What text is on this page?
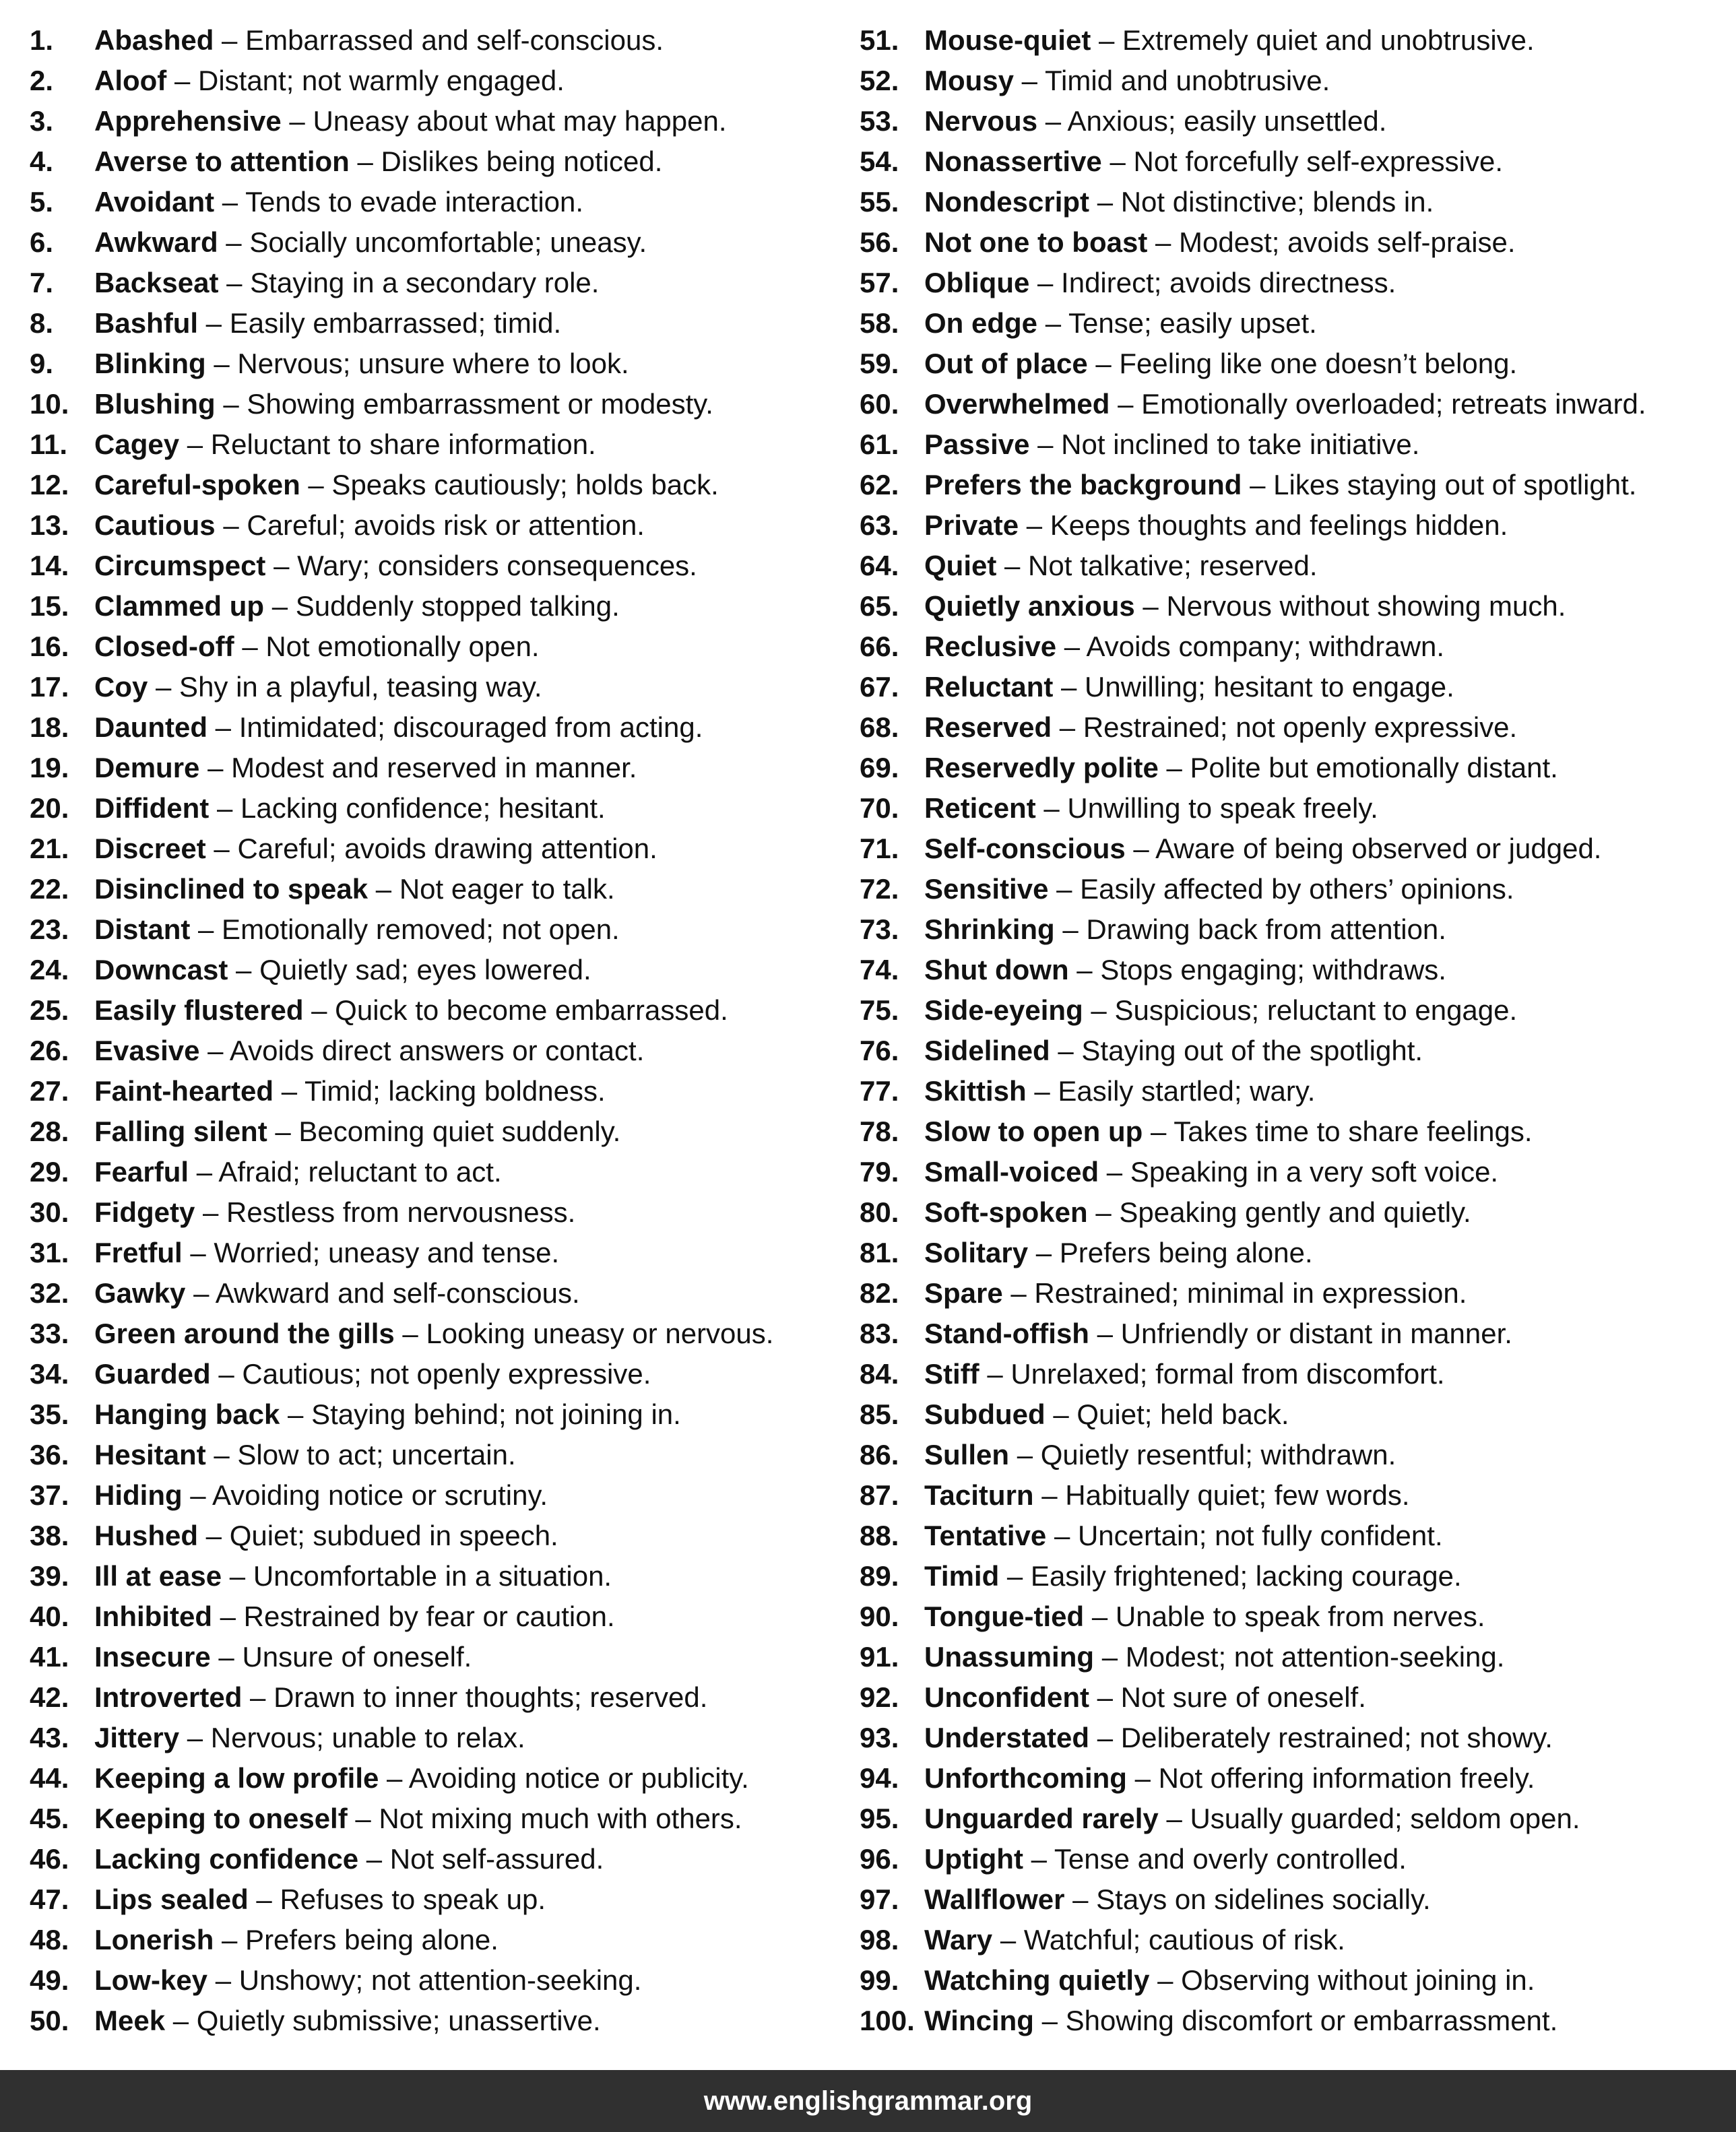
1. Abashed – Embarrassed and self-conscious.
2. Aloof – Distant; not warmly engaged.
3. Apprehensive – Uneasy about what may happen.
4. Averse to attention – Dislikes being noticed.
5. Avoidant – Tends to evade interaction.
6. Awkward – Socially uncomfortable; uneasy.
7. Backseat – Staying in a secondary role.
8. Bashful – Easily embarrassed; timid.
9. Blinking – Nervous; unsure where to look.
10. Blushing – Showing embarrassment or modesty.
11. Cagey – Reluctant to share information.
12. Careful-spoken – Speaks cautiously; holds back.
13. Cautious – Careful; avoids risk or attention.
14. Circumspect – Wary; considers consequences.
15. Clammed up – Suddenly stopped talking.
16. Closed-off – Not emotionally open.
17. Coy – Shy in a playful, teasing way.
18. Daunted – Intimidated; discouraged from acting.
19. Demure – Modest and reserved in manner.
20. Diffident – Lacking confidence; hesitant.
21. Discreet – Careful; avoids drawing attention.
22. Disinclined to speak – Not eager to talk.
23. Distant – Emotionally removed; not open.
24. Downcast – Quietly sad; eyes lowered.
25. Easily flustered – Quick to become embarrassed.
26. Evasive – Avoids direct answers or contact.
27. Faint-hearted – Timid; lacking boldness.
28. Falling silent – Becoming quiet suddenly.
29. Fearful – Afraid; reluctant to act.
30. Fidgety – Restless from nervousness.
31. Fretful – Worried; uneasy and tense.
32. Gawky – Awkward and self-conscious.
33. Green around the gills – Looking uneasy or nervous.
34. Guarded – Cautious; not openly expressive.
35. Hanging back – Staying behind; not joining in.
36. Hesitant – Slow to act; uncertain.
37. Hiding – Avoiding notice or scrutiny.
38. Hushed – Quiet; subdued in speech.
39. Ill at ease – Uncomfortable in a situation.
40. Inhibited – Restrained by fear or caution.
41. Insecure – Unsure of oneself.
42. Introverted – Drawn to inner thoughts; reserved.
43. Jittery – Nervous; unable to relax.
44. Keeping a low profile – Avoiding notice or publicity.
45. Keeping to oneself – Not mixing much with others.
46. Lacking confidence – Not self-assured.
47. Lips sealed – Refuses to speak up.
48. Lonerish – Prefers being alone.
49. Low-key – Unshowy; not attention-seeking.
50. Meek – Quietly submissive; unassertive.
51. Mouse-quiet – Extremely quiet and unobtrusive.
52. Mousy – Timid and unobtrusive.
53. Nervous – Anxious; easily unsettled.
54. Nonassertive – Not forcefully self-expressive.
55. Nondescript – Not distinctive; blends in.
56. Not one to boast – Modest; avoids self-praise.
57. Oblique – Indirect; avoids directness.
58. On edge – Tense; easily upset.
59. Out of place – Feeling like one doesn’t belong.
60. Overwhelmed – Emotionally overloaded; retreats inward.
61. Passive – Not inclined to take initiative.
62. Prefers the background – Likes staying out of spotlight.
63. Private – Keeps thoughts and feelings hidden.
64. Quiet – Not talkative; reserved.
65. Quietly anxious – Nervous without showing much.
66. Reclusive – Avoids company; withdrawn.
67. Reluctant – Unwilling; hesitant to engage.
68. Reserved – Restrained; not openly expressive.
69. Reservedly polite – Polite but emotionally distant.
70. Reticent – Unwilling to speak freely.
71. Self-conscious – Aware of being observed or judged.
72. Sensitive – Easily affected by others’ opinions.
73. Shrinking – Drawing back from attention.
74. Shut down – Stops engaging; withdraws.
75. Side-eyeing – Suspicious; reluctant to engage.
76. Sidelined – Staying out of the spotlight.
77. Skittish – Easily startled; wary.
78. Slow to open up – Takes time to share feelings.
79. Small-voiced – Speaking in a very soft voice.
80. Soft-spoken – Speaking gently and quietly.
81. Solitary – Prefers being alone.
82. Spare – Restrained; minimal in expression.
83. Stand-offish – Unfriendly or distant in manner.
84. Stiff – Unrelaxed; formal from discomfort.
85. Subdued – Quiet; held back.
86. Sullen – Quietly resentful; withdrawn.
87. Taciturn – Habitually quiet; few words.
88. Tentative – Uncertain; not fully confident.
89. Timid – Easily frightened; lacking courage.
90. Tongue-tied – Unable to speak from nerves.
91. Unassuming – Modest; not attention-seeking.
92. Unconfident – Not sure of oneself.
93. Understated – Deliberately restrained; not showy.
94. Unforthcoming – Not offering information freely.
95. Unguarded rarely – Usually guarded; seldom open.
96. Uptight – Tense and overly controlled.
97. Wallflower – Stays on sidelines socially.
98. Wary – Watchful; cautious of risk.
99. Watching quietly – Observing without joining in.
100. Wincing – Showing discomfort or embarrassment.
www.englishgrammar.org
